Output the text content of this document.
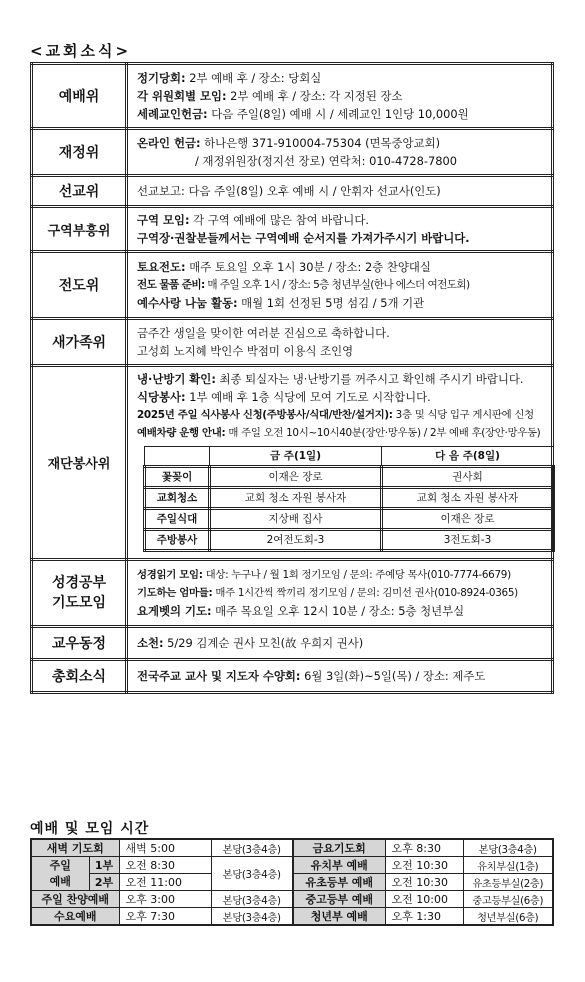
<교회소식>
예배위	
정기당회: 2부 예배 후 / 장소: 당회실
각 위원회별 모임: 2부 예배 후 / 장소: 각 지정된 장소
세례교인헌금: 다음 주일(8일) 예배 시 / 세례교인 1인당 10,000원

재정위	
온라인 헌금: 하나은행 371-910004-75304 (면목중앙교회)
/ 재정위원장(정지선 장로) 연락처: 010-4728-7800

선교위	선교보고: 다음 주일(8일) 오후 예배 시 / 안휘자 선교사(인도)

구역부흥위	
구역 모임: 각 구역 예배에 많은 참여 바랍니다.
구역장·권찰분들께서는 구역예배 순서지를 가져가주시기 바랍니다.

전도위	
토요전도: 매주 토요일 오후 1시 30분 / 장소: 2층 찬양대실
전도 물품 준비: 매 주일 오후 1시 / 장소: 5층 청년부실(한나 에스더 여전도회)
예수사랑 나눔 활동: 매월 1회 선정된 5명 섬김 / 5개 기관

새가족위	
금주간 생일을 맞이한 여러분 진심으로 축하합니다.
고성희 노지혜 박인수 박점미 이용식 조인영

재단봉사위	
냉·난방기 확인: 최종 퇴실자는 냉·난방기를 꺼주시고 확인해 주시기 바랍니다.
식당봉사: 1부 예배 후 1층 식당에 모여 기도로 시작합니다.
2025년 주일 식사봉사 신청(주방봉사/식대/반찬/설거지): 3층 및 식당 입구 게시판에 신청
예배차량 운행 안내: 매 주일 오전 10시~10시40분(장안·망우동) / 2부 예배 후(장안·망우동)
	금 주(1일)	다 음 주(8일)
꽃꽂이	이재은 장로	권사회
교회청소	교회 청소 자원 봉사자	교회 청소 자원 봉사자
주일식대	지상배 집사	이재은 장로
주방봉사	2여전도회-3	3전도회-3

성경공부
기도모임

성경읽기 모임: 대상: 누구나 / 월 1회 정기모임 / 문의: 주예당 목사(010-7774-6679)
기도하는 엄마들: 매주 1시간씩 짝끼리 정기모임 / 문의: 김미선 권사(010-8924-0365)
요게벳의 기도: 매주 목요일 오후 12시 10분 / 장소: 5층 청년부실

교우동정	소천: 5/29 김계순 권사 모친(故 우희지 권사)

총회소식	전국주교 교사 및 지도자 수양회: 6월 3일(화)~5일(목) / 장소: 제주도
예배 및 모임 시간
새벽 기도회		새벽 5:00	본당(3층4층)	금요기도회	오후 8:30	본당(3층4층)

주일
예배	1부	오전 8:30	본당(3층4층)	유치부 예배	오전 10:30	유치부실(1층)
	2부	오전 11:00		유초등부 예배	오전 10:30	유초등부실(2층)
주일 찬양예배		오후 3:00	본당(3층4층)	중고등부 예배	오전 10:00	중고등부실(6층)
수요예배		오후 7:30	본당(3층4층)	청년부 예배	오후 1:30	청년부실(6층)
